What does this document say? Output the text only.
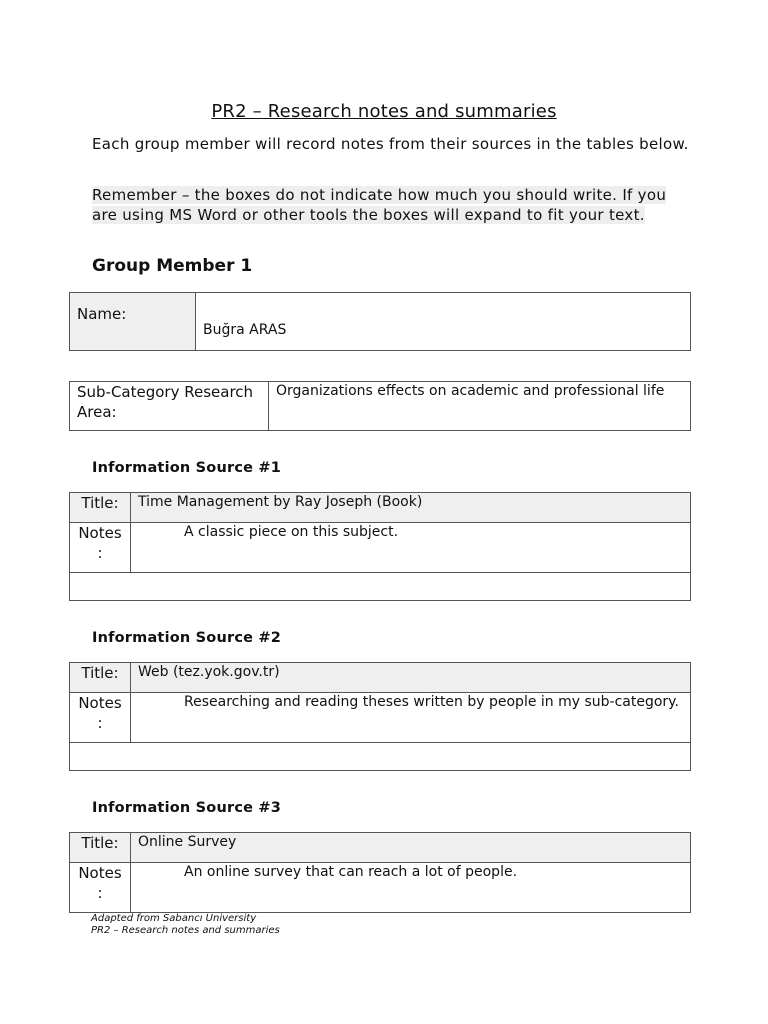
PR2 – Research notes and summaries
Each group member will record notes from their sources in the tables below.
Remember – the boxes do not indicate how much you should write. If you are using MS Word or other tools the boxes will expand to fit your text.
Group Member 1
Name:

Buğra ARAS
Sub-Category Research Area:

Organizations effects on academic and professional life
Information Source #1
Title:	Time Management by Ray Joseph (Book)

Notes
:	A classic piece on this subject.

Information Source #2
Title:	Web (tez.yok.gov.tr)

Notes
:	Researching and reading theses written by people in my sub-category.

Information Source #3
Title:	Online Survey

Notes
:	An online survey that can reach a lot of people.
Adapted from Sabancı University
PR2 – Research notes and summaries
